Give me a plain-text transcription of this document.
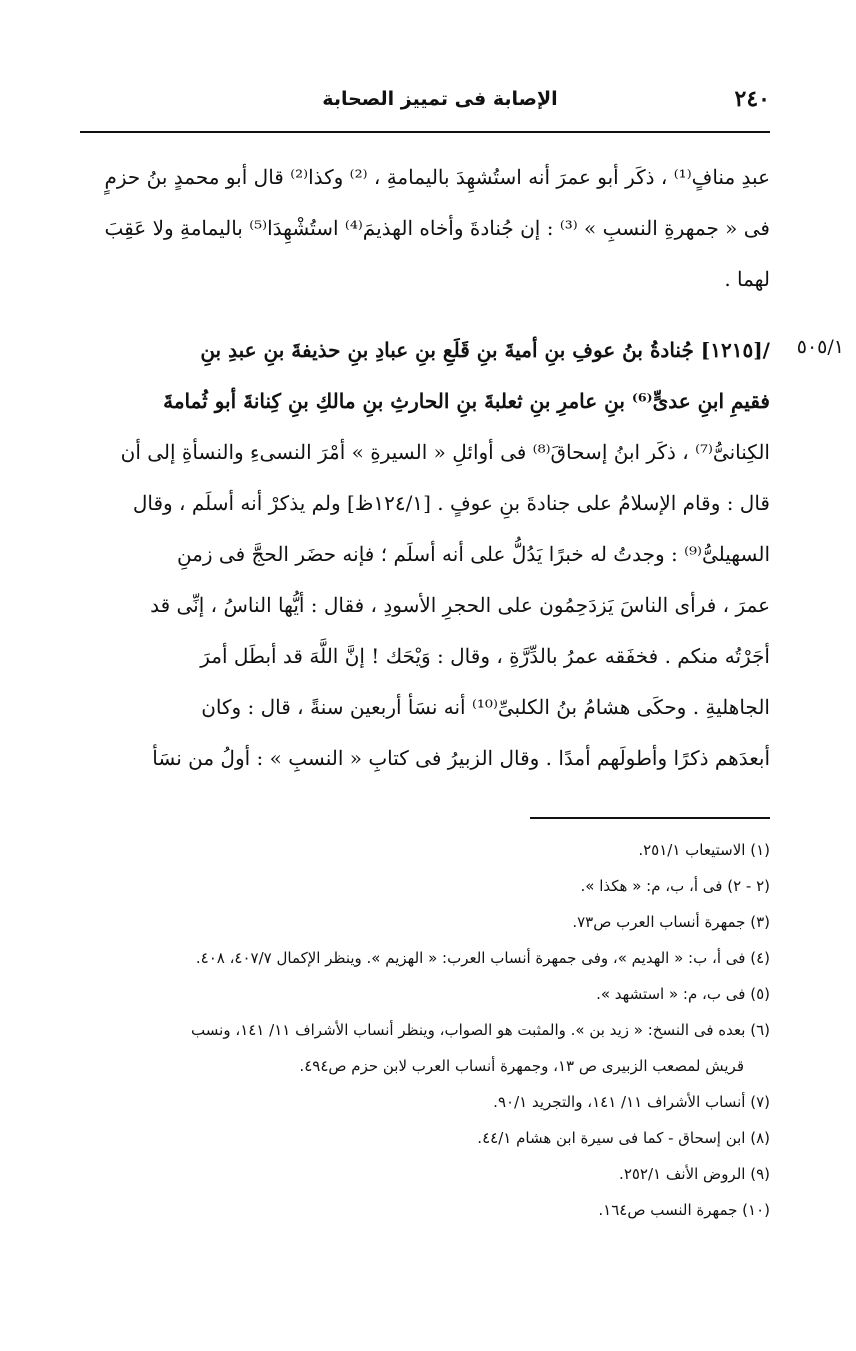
٢٤٠
الإصابة فى تمييز الصحابة
٥٠٥/١
عبدِ منافٍ⁽¹⁾ ، ذكَر أبو عمرَ أنه استُشهِدَ باليمامةِ ، ⁽²⁾ وكذا⁽²⁾ قال أبو محمدٍ بنُ حزمٍ
فى « جمهرةِ النسبِ » ⁽³⁾ : إن جُنادةَ وأخاه الهذيمَ⁽⁴⁾ استُشْهِدَا⁽⁵⁾ باليمامةِ ولا عَقِبَ
لهما .
/[١٢١٥] جُنادةُ بنُ عوفِ بنِ أميةَ بنِ قَلَعِ بنِ عبادِ بنِ حذيفةَ بنِ عبدِ بنِ
فقيمِ ابنِ عدىٍّ⁽⁶⁾ بنِ عامرِ بنِ ثعلبةَ بنِ الحارثِ بنِ مالكِ بنِ كِنانةَ أبو ثُمامةَ
الكِنانىُّ⁽⁷⁾ ، ذكَر ابنُ إسحاقَ⁽⁸⁾ فى أوائلِ « السيرةِ » أمْرَ النسىءِ والنسأةِ إلى أن
قال : وقام الإسلامُ على جنادةَ بنِ عوفٍ . [١٢٤/١ظ] ولم يذكرْ أنه أسلَم ، وقال
السهيلىُّ⁽⁹⁾ : وجدتُ له خبرًا يَدُلُّ على أنه أسلَم ؛ فإنه حضَر الحجَّ فى زمنِ
عمرَ ، فرأى الناسَ يَزدَحِمُون على الحجرِ الأسودِ ، فقال : أيُّها الناسُ ، إنِّى قد
أجَرْتُه منكم . فخفَقه عمرُ بالدِّرَّةِ ، وقال : وَيْحَك ! إنَّ اللَّهَ قد أبطَل أمرَ
الجاهليةِ . وحكَى هشامُ بنُ الكلبىِّ⁽¹⁰⁾ أنه نسَأ أربعين سنةً ، قال : وكان
أبعدَهم ذكرًا وأطولَهم أمدًا . وقال الزبيرُ فى كتابِ « النسبِ » : أولُ من نسَأ
(١) الاستيعاب ٢٥١/١.
(٢ - ٢) فى أ، ب، م: « هكذا ».
(٣) جمهرة أنساب العرب ص٧٣.
(٤) فى أ، ب: « الهديم »، وفى جمهرة أنساب العرب: « الهزيم ». وينظر الإكمال ٤٠٧/٧، ٤٠٨.
(٥) فى ب، م: « استشهد ».
(٦) بعده فى النسخ: « زيد بن ». والمثبت هو الصواب، وينظر أنساب الأشراف ١١/ ١٤١، ونسب
قريش لمصعب الزبيرى ص ١٣، وجمهرة أنساب العرب لابن حزم ص٤٩٤.
(٧) أنساب الأشراف ١١/ ١٤١، والتجريد ٩٠/١.
(٨) ابن إسحاق - كما فى سيرة ابن هشام ٤٤/١.
(٩) الروض الأنف ٢٥٢/١.
(١٠) جمهرة النسب ص١٦٤.
